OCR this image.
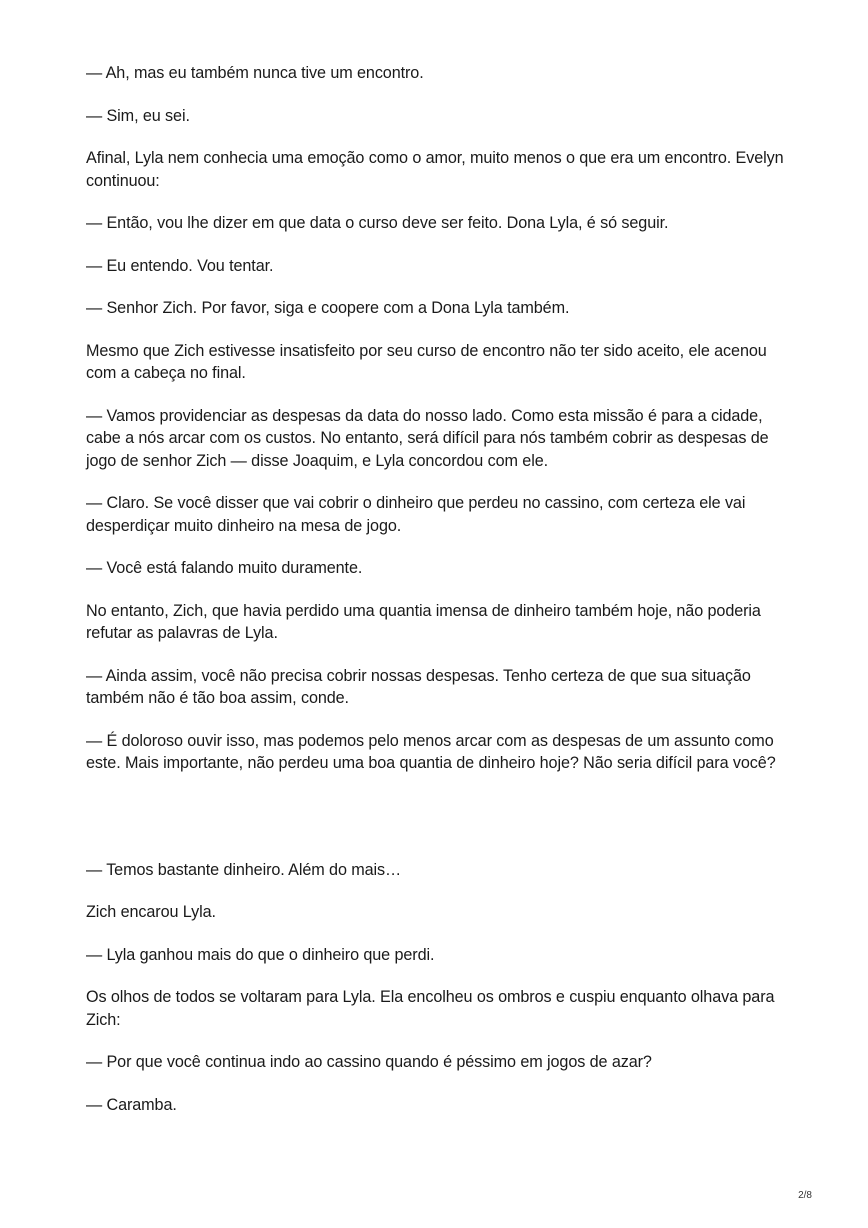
— Ah, mas eu também nunca tive um encontro.

— Sim, eu sei.

Afinal, Lyla nem conhecia uma emoção como o amor, muito menos o que era um encontro. Evelyn continuou:

— Então, vou lhe dizer em que data o curso deve ser feito. Dona Lyla, é só seguir.

— Eu entendo. Vou tentar.

— Senhor Zich. Por favor, siga e coopere com a Dona Lyla também.

Mesmo que Zich estivesse insatisfeito por seu curso de encontro não ter sido aceito, ele acenou com a cabeça no final.

— Vamos providenciar as despesas da data do nosso lado. Como esta missão é para a cidade, cabe a nós arcar com os custos. No entanto, será difícil para nós também cobrir as despesas de jogo de senhor Zich — disse Joaquim, e Lyla concordou com ele.

— Claro. Se você disser que vai cobrir o dinheiro que perdeu no cassino, com certeza ele vai desperdiçar muito dinheiro na mesa de jogo.

— Você está falando muito duramente.

No entanto, Zich, que havia perdido uma quantia imensa de dinheiro também hoje, não poderia refutar as palavras de Lyla.

— Ainda assim, você não precisa cobrir nossas despesas. Tenho certeza de que sua situação também não é tão boa assim, conde.

— É doloroso ouvir isso, mas podemos pelo menos arcar com as despesas de um assunto como este. Mais importante, não perdeu uma boa quantia de dinheiro hoje? Não seria difícil para você?

— Temos bastante dinheiro. Além do mais…

Zich encarou Lyla.

— Lyla ganhou mais do que o dinheiro que perdi.

Os olhos de todos se voltaram para Lyla. Ela encolheu os ombros e cuspiu enquanto olhava para Zich:

— Por que você continua indo ao cassino quando é péssimo em jogos de azar?

— Caramba.

2/8
